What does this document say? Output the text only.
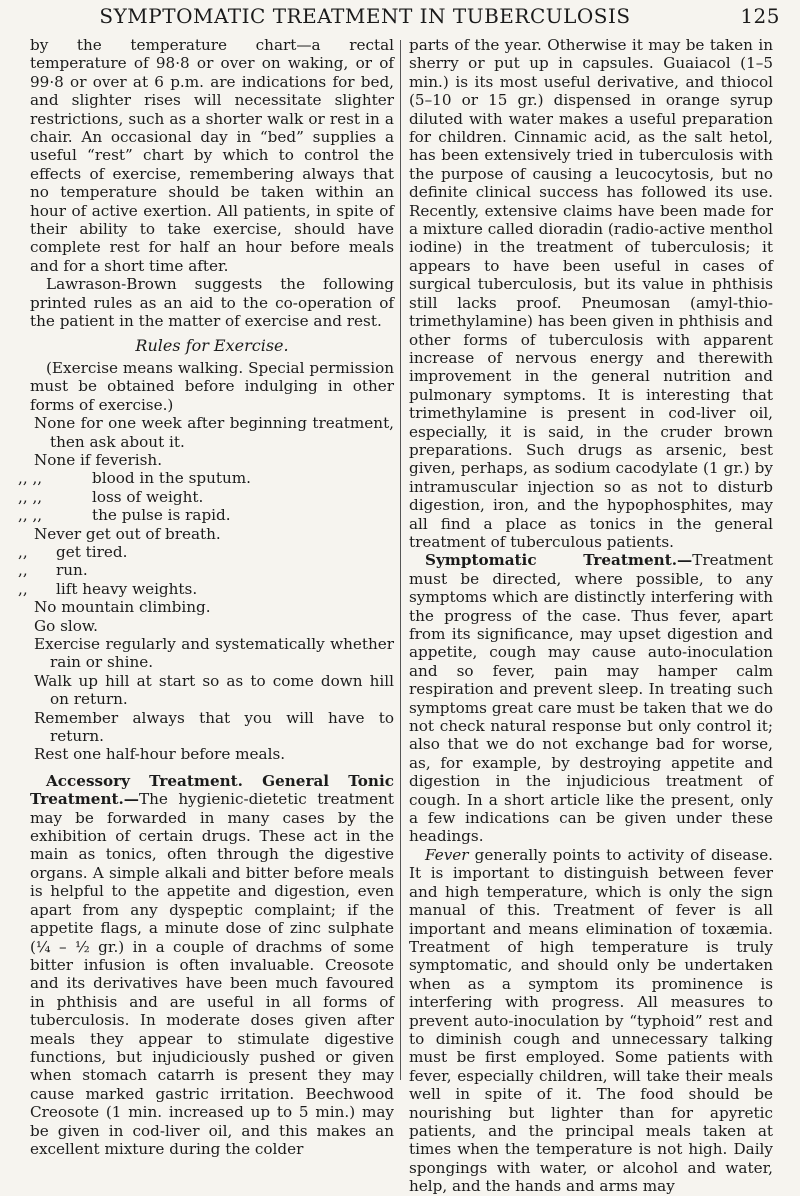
SYMPTOMATIC TREATMENT IN TUBERCULOSIS	125

by the temperature chart—a rectal temperature of 98·8 or over on waking, or of 99·8 or over at 6 p.m. are indications for bed, and slighter rises will necessitate slighter restrictions, such as a shorter walk or rest in a chair. An occasional day in “bed” supplies a useful “rest” chart by which to control the effects of exercise, remembering always that no temperature should be taken within an hour of active exertion. All patients, in spite of their ability to take exercise, should have complete rest for half an hour before meals and for a short time after.

Lawrason-Brown suggests the following printed rules as an aid to the co-operation of the patient in the matter of exercise and rest.

Rules for Exercise.

(Exercise means walking. Special permission must be obtained before indulging in other forms of exercise.)

None for one week after beginning treatment, then ask about it.

None if feverish.

,, ,,	blood in the sputum.

,, ,,	loss of weight.

,, ,,	the pulse is rapid.

Never get out of breath.

,, get tired.

,, run.

,, lift heavy weights.

No mountain climbing.

Go slow.

Exercise regularly and systematically whether rain or shine.

Walk up hill at start so as to come down hill on return.

Remember always that you will have to return.

Rest one half-hour before meals.

Accessory Treatment. General Tonic Treatment.—The hygienic-dietetic treatment may be forwarded in many cases by the exhibition of certain drugs. These act in the main as tonics, often through the digestive organs. A simple alkali and bitter before meals is helpful to the appetite and digestion, even apart from any dyspeptic complaint; if the appetite flags, a minute dose of zinc sulphate (¼ – ½ gr.) in a couple of drachms of some bitter infusion is often invaluable. Creosote and its derivatives have been much favoured in phthisis and are useful in all forms of tuberculosis. In moderate doses given after meals they appear to stimulate digestive functions, but injudiciously pushed or given when stomach catarrh is present they may cause marked gastric irritation. Beechwood Creosote (1 min. increased up to 5 min.) may be given in cod-liver oil, and this makes an excellent mixture during the colder

parts of the year. Otherwise it may be taken in sherry or put up in capsules. Guaiacol (1–5 min.) is its most useful derivative, and thiocol (5–10 or 15 gr.) dispensed in orange syrup diluted with water makes a useful preparation for children. Cinnamic acid, as the salt hetol, has been extensively tried in tuberculosis with the purpose of causing a leucocytosis, but no definite clinical success has followed its use. Recently, extensive claims have been made for a mixture called dioradin (radio-active menthol iodine) in the treatment of tuberculosis; it appears to have been useful in cases of surgical tuberculosis, but its value in phthisis still lacks proof. Pneumosan (amyl-thio-trimethylamine) has been given in phthisis and other forms of tuberculosis with apparent increase of nervous energy and therewith improvement in the general nutrition and pulmonary symptoms. It is interesting that trimethylamine is present in cod-liver oil, especially, it is said, in the cruder brown preparations. Such drugs as arsenic, best given, perhaps, as sodium cacodylate (1 gr.) by intramuscular injection so as not to disturb digestion, iron, and the hypophosphites, may all find a place as tonics in the general treatment of tuberculous patients.

Symptomatic Treatment.—Treatment must be directed, where possible, to any symptoms which are distinctly interfering with the progress of the case. Thus fever, apart from its significance, may upset digestion and appetite, cough may cause auto-inoculation and so fever, pain may hamper calm respiration and prevent sleep. In treating such symptoms great care must be taken that we do not check natural response but only control it; also that we do not exchange bad for worse, as, for example, by destroying appetite and digestion in the injudicious treatment of cough. In a short article like the present, only a few indications can be given under these headings.

Fever generally points to activity of disease. It is important to distinguish between fever and high temperature, which is only the sign manual of this. Treatment of fever is all important and means elimination of toxæmia. Treatment of high temperature is truly symptomatic, and should only be undertaken when as a symptom its prominence is interfering with progress. All measures to prevent auto-inoculation by “typhoid” rest and to diminish cough and unnecessary talking must be first employed. Some patients with fever, especially children, will take their meals well in spite of it. The food should be nourishing but lighter than for apyretic patients, and the principal meals taken at times when the temperature is not high. Daily spongings with water, or alcohol and water, help, and the hands and arms may
